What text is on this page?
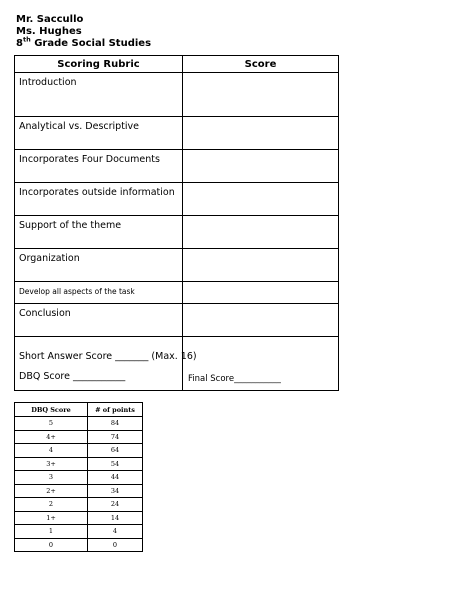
Mr. Saccullo
Ms. Hughes
8th Grade Social Studies
Scoring Rubric	Score

Introduction	

Analytical vs. Descriptive	

Incorporates Four Documents	

Incorporates outside information	

Support of the theme	

Organization	

Develop all aspects of the task	

Conclusion	

Short Answer Score _______ (Max. 16)
DBQ Score ___________	Final Score___________
DBQ Score	# of points
5	84
4+	74
4	64
3+	54
3	44
2+	34
2	24
1+	14
1	4
0	0
